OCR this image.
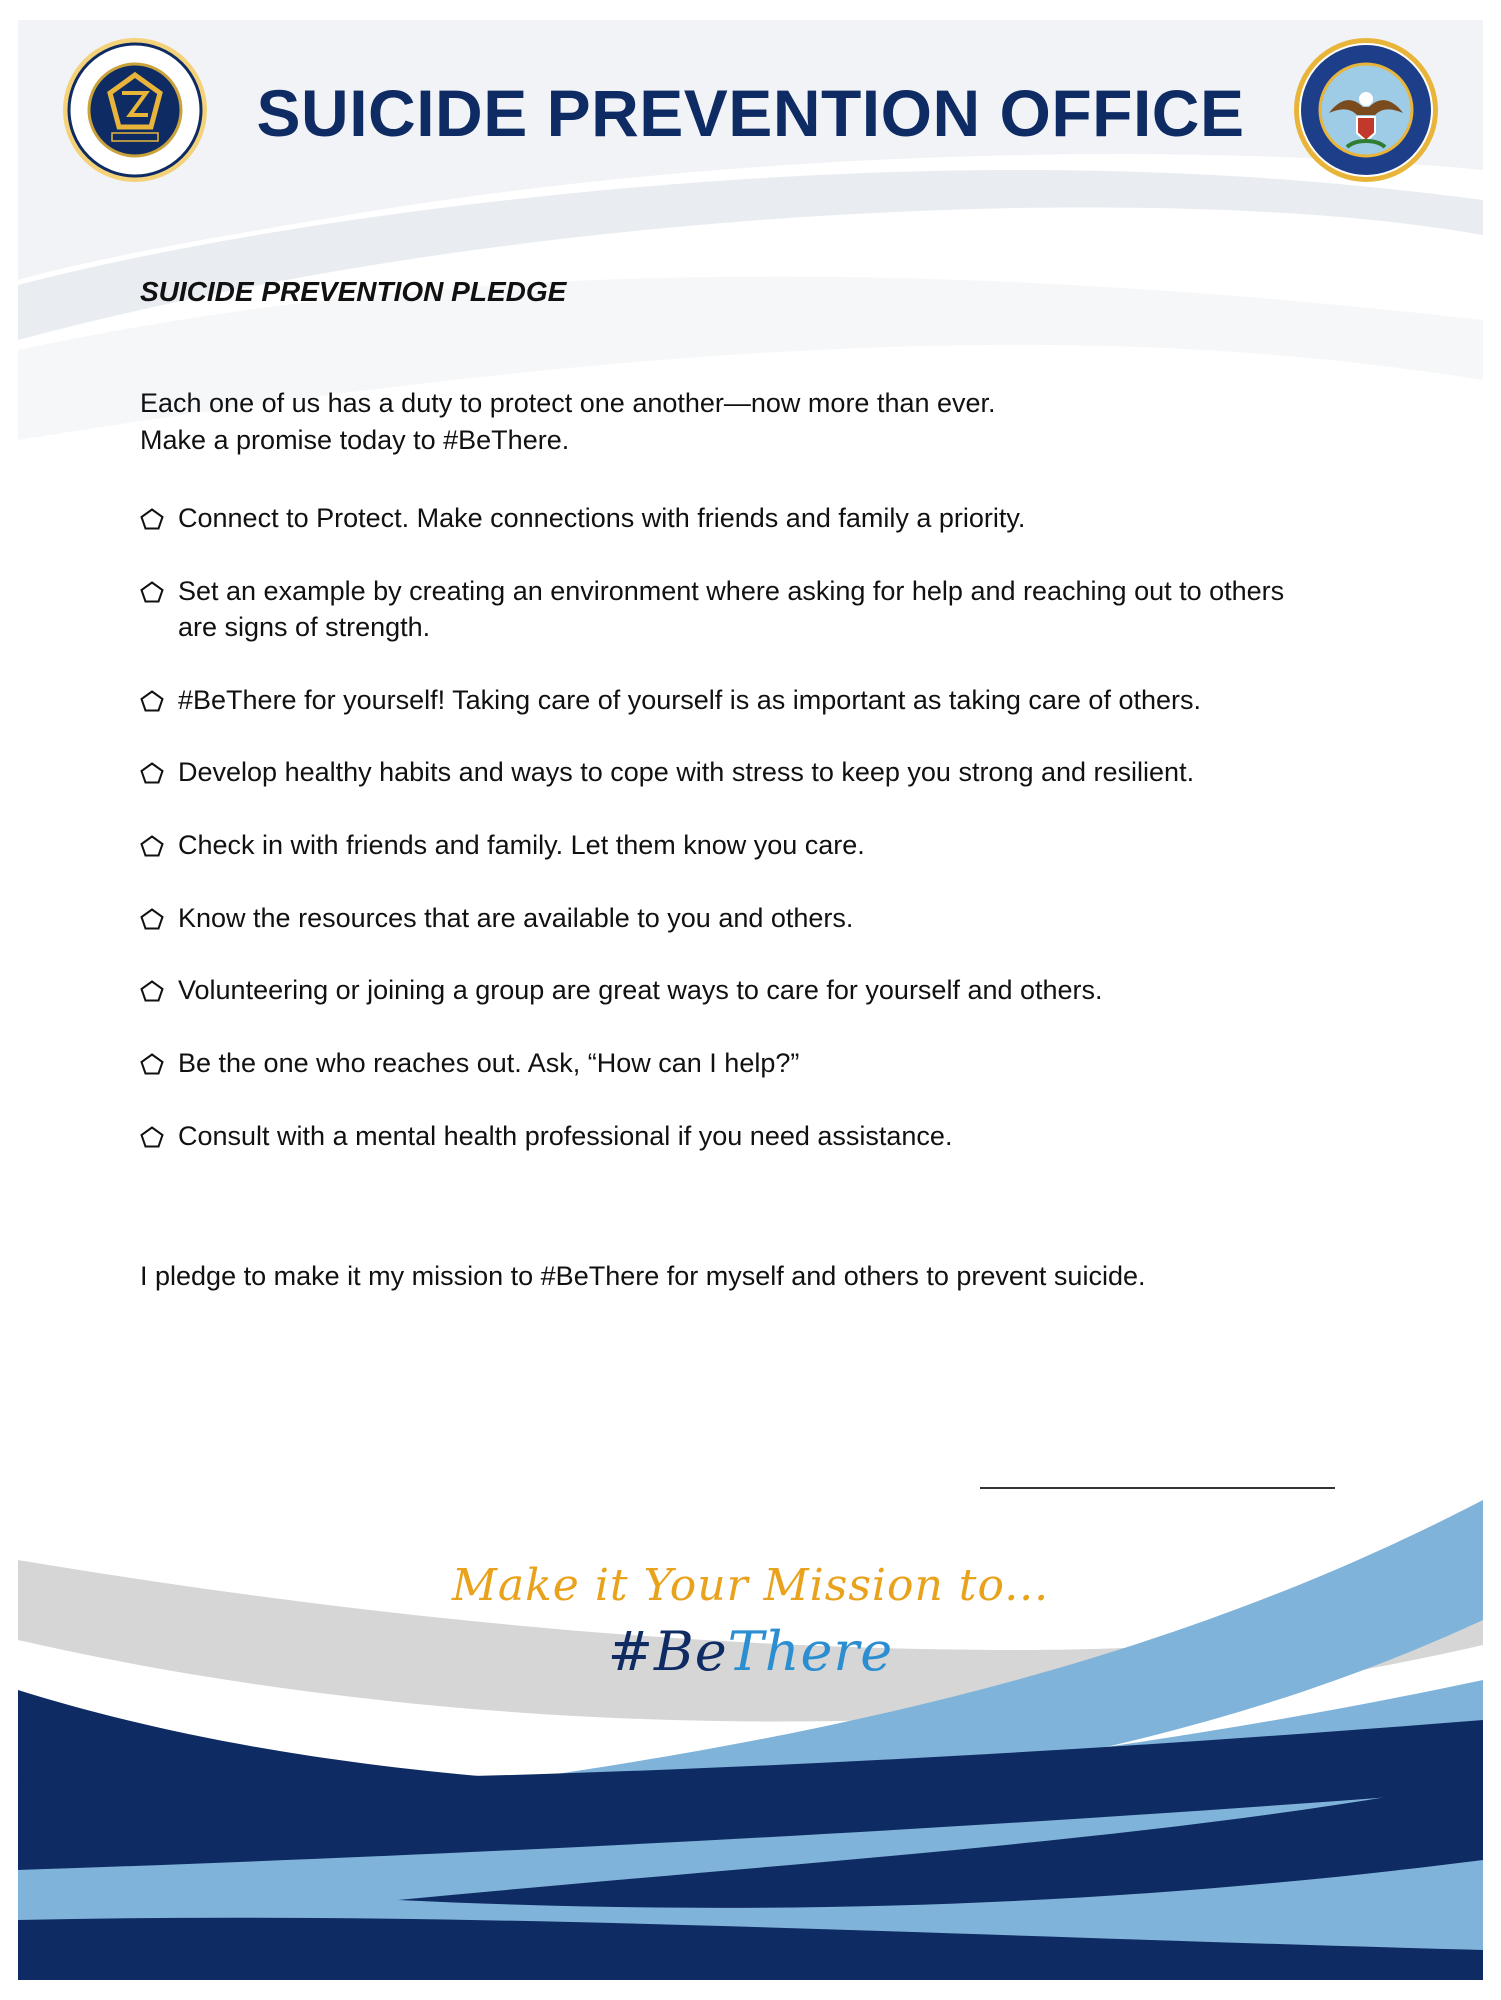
SUICIDE PREVENTION OFFICE
SUICIDE PREVENTION PLEDGE
Each one of us has a duty to protect one another—now more than ever.
Make a promise today to #BeThere.
Connect to Protect. Make connections with friends and family a priority.
Set an example by creating an environment where asking for help and reaching out to others are signs of strength.
#BeThere for yourself! Taking care of yourself is as important as taking care of others.
Develop healthy habits and ways to cope with stress to keep you strong and resilient.
Check in with friends and family. Let them know you care.
Know the resources that are available to you and others.
Volunteering or joining a group are great ways to care for yourself and others.
Be the one who reaches out. Ask, “How can I help?”
Consult with a mental health professional if you need assistance.
I pledge to make it my mission to #BeThere for myself and others to prevent suicide.
Make it Your Mission to...
#BeThere
